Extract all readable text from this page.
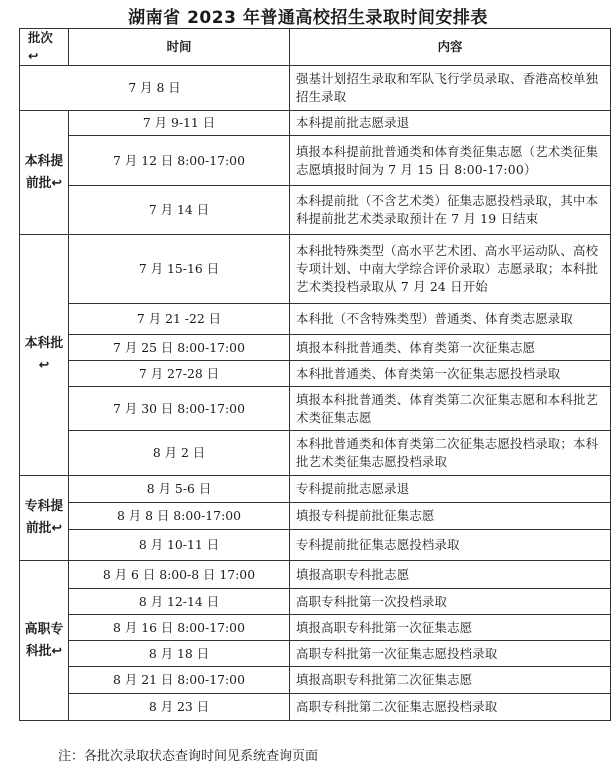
湖南省 2023 年普通高校招生录取时间安排表
批次↩	时间	内容
7 月 8 日		强基计划招生录取和军队飞行学员录取、香港高校单独招生录取
本科提前批↩	7 月 9-11 日	本科提前批志愿录退
	7 月 12 日 8:00-17:00	填报本科提前批普通类和体育类征集志愿（艺术类征集志愿填报时间为 7 月 15 日 8:00-17:00）
	7 月 14 日	本科提前批（不含艺术类）征集志愿投档录取，其中本科提前批艺术类录取预计在 7 月 19 日结束
本科批↩	7 月 15-16 日	本科批特殊类型（高水平艺术团、高水平运动队、高校专项计划、中南大学综合评价录取）志愿录取；本科批艺术类投档录取从 7 月 24 日开始
	7 月 21 -22 日	本科批（不含特殊类型）普通类、体育类志愿录取
	7 月 25 日 8:00-17:00	填报本科批普通类、体育类第一次征集志愿
	7 月 27-28 日	本科批普通类、体育类第一次征集志愿投档录取
	7 月 30 日 8:00-17:00	填报本科批普通类、体育类第二次征集志愿和本科批艺术类征集志愿
	8 月 2 日	本科批普通类和体育类第二次征集志愿投档录取；本科批艺术类征集志愿投档录取
专科提前批↩	8 月 5-6 日	专科提前批志愿录退
	8 月 8 日 8:00-17:00	填报专科提前批征集志愿
	8 月 10-11 日	专科提前批征集志愿投档录取
高职专科批↩	8 月 6 日 8:00-8 日 17:00	填报高职专科批志愿
	8 月 12-14 日	高职专科批第一次投档录取
	8 月 16 日 8:00-17:00	填报高职专科批第一次征集志愿
	8 月 18 日	高职专科批第一次征集志愿投档录取
	8 月 21 日 8:00-17:00	填报高职专科批第二次征集志愿
	8 月 23 日	高职专科批第二次征集志愿投档录取
注：各批次录取状态查询时间见系统查询页面
